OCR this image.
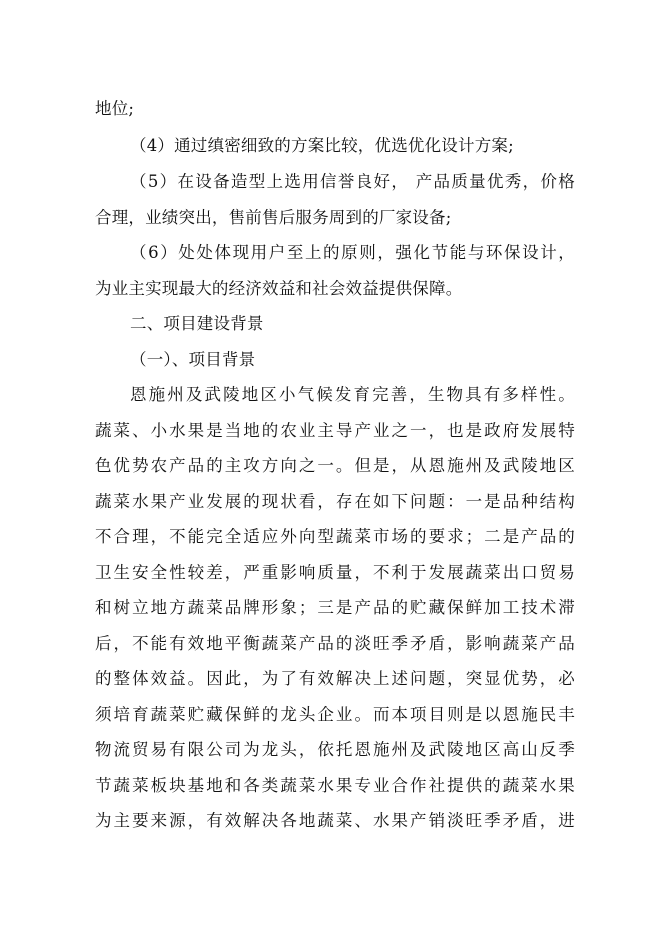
地位;
（4）通过缜密细致的方案比较，优选优化设计方案;
（5）在设备造型上选用信誉良好， 产品质量优秀，价格
合理，业绩突出，售前售后服务周到的厂家设备;
（6）处处体现用户至上的原则，强化节能与环保设计，
为业主实现最大的经济效益和社会效益提供保障。
二、项目建设背景
（一）、项目背景
恩施州及武陵地区小气候发育完善，生物具有多样性。
蔬菜、小水果是当地的农业主导产业之一，也是政府发展特
色优势农产品的主攻方向之一。但是，从恩施州及武陵地区
蔬菜水果产业发展的现状看，存在如下问题：一是品种结构
不合理，不能完全适应外向型蔬菜市场的要求；二是产品的
卫生安全性较差，严重影响质量，不利于发展蔬菜出口贸易
和树立地方蔬菜品牌形象；三是产品的贮藏保鲜加工技术滞
后，不能有效地平衡蔬菜产品的淡旺季矛盾，影响蔬菜产品
的整体效益。因此，为了有效解决上述问题，突显优势，必
须培育蔬菜贮藏保鲜的龙头企业。而本项目则是以恩施民丰
物流贸易有限公司为龙头，依托恩施州及武陵地区高山反季
节蔬菜板块基地和各类蔬菜水果专业合作社提供的蔬菜水果
为主要来源，有效解决各地蔬菜、水果产销淡旺季矛盾，进
